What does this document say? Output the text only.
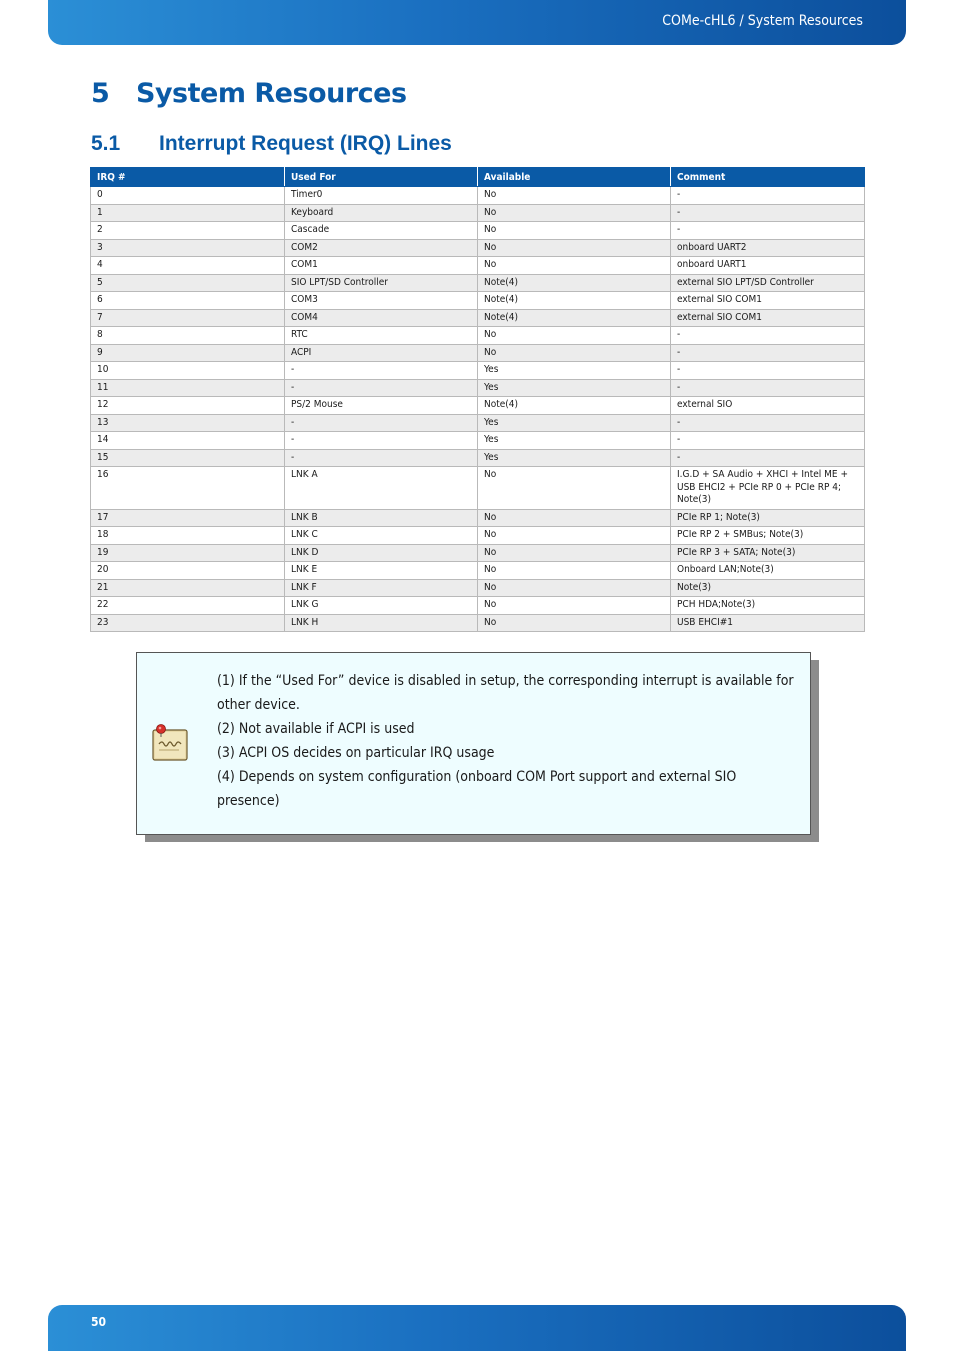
COMe-cHL6 / System Resources
5 System Resources
5.1 Interrupt Request (IRQ) Lines
IRQ #	Used For	Available	Comment
0	Timer0	No	-
1	Keyboard	No	-
2	Cascade	No	-
3	COM2	No	onboard UART2
4	COM1	No	onboard UART1
5	SIO LPT/SD Controller	Note(4)	external SIO LPT/SD Controller
6	COM3	Note(4)	external SIO COM1
7	COM4	Note(4)	external SIO COM1
8	RTC	No	-
9	ACPI	No	-
10	-	Yes	-
11	-	Yes	-
12	PS/2 Mouse	Note(4)	external SIO
13	-	Yes	-
14	-	Yes	-
15	-	Yes	-
16	LNK A	No	I.G.D + SA Audio + XHCI + Intel ME + USB EHCI2 + PCIe RP 0 + PCIe RP 4; Note(3)
17	LNK B	No	PCIe RP 1; Note(3)
18	LNK C	No	PCIe RP 2 + SMBus; Note(3)
19	LNK D	No	PCIe RP 3 + SATA; Note(3)
20	LNK E	No	Onboard LAN;Note(3)
21	LNK F	No	Note(3)
22	LNK G	No	PCH HDA;Note(3)
23	LNK H	No	USB EHCI#1

(1) If the “Used For” device is disabled in setup, the corresponding interrupt is available for other device.

(2) Not available if ACPI is used

(3) ACPI OS decides on particular IRQ usage

(4) Depends on system configuration (onboard COM Port support and external SIO presence)

50
